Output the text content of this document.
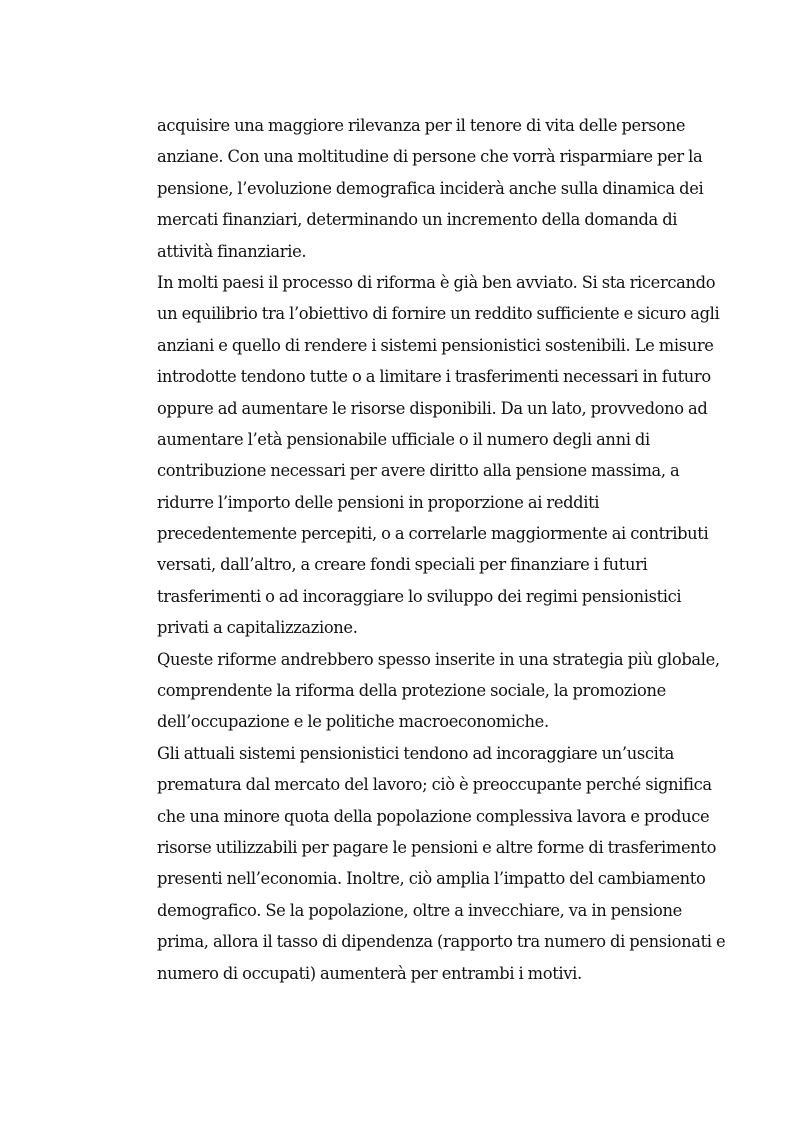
acquisire una maggiore rilevanza per il tenore di vita delle persone
anziane. Con una moltitudine di persone che vorrà risparmiare per la
pensione, l’evoluzione demografica inciderà anche sulla dinamica dei
mercati finanziari, determinando un incremento della domanda di
attività finanziarie.
In molti paesi il processo di riforma è già ben avviato. Si sta ricercando
un equilibrio tra l’obiettivo di fornire un reddito sufficiente e sicuro agli
anziani e quello di rendere i sistemi pensionistici sostenibili. Le misure
introdotte tendono tutte o a limitare i trasferimenti necessari in futuro
oppure ad aumentare le risorse disponibili. Da un lato, provvedono ad
aumentare l’età pensionabile ufficiale o il numero degli anni di
contribuzione necessari per avere diritto alla pensione massima, a
ridurre l’importo delle pensioni in proporzione ai redditi
precedentemente percepiti, o a correlarle maggiormente ai contributi
versati, dall’altro, a creare fondi speciali per finanziare i futuri
trasferimenti o ad incoraggiare lo sviluppo dei regimi pensionistici
privati a capitalizzazione.
Queste riforme andrebbero spesso inserite in una strategia più globale,
comprendente la riforma della protezione sociale, la promozione
dell’occupazione e le politiche macroeconomiche.
Gli attuali sistemi pensionistici tendono ad incoraggiare un’uscita
prematura dal mercato del lavoro; ciò è preoccupante perché significa
che una minore quota della popolazione complessiva lavora e produce
risorse utilizzabili per pagare le pensioni e altre forme di trasferimento
presenti nell’economia. Inoltre, ciò amplia l’impatto del cambiamento
demografico. Se la popolazione, oltre a invecchiare, va in pensione
prima, allora il tasso di dipendenza (rapporto tra numero di pensionati e
numero di occupati) aumenterà per entrambi i motivi.
